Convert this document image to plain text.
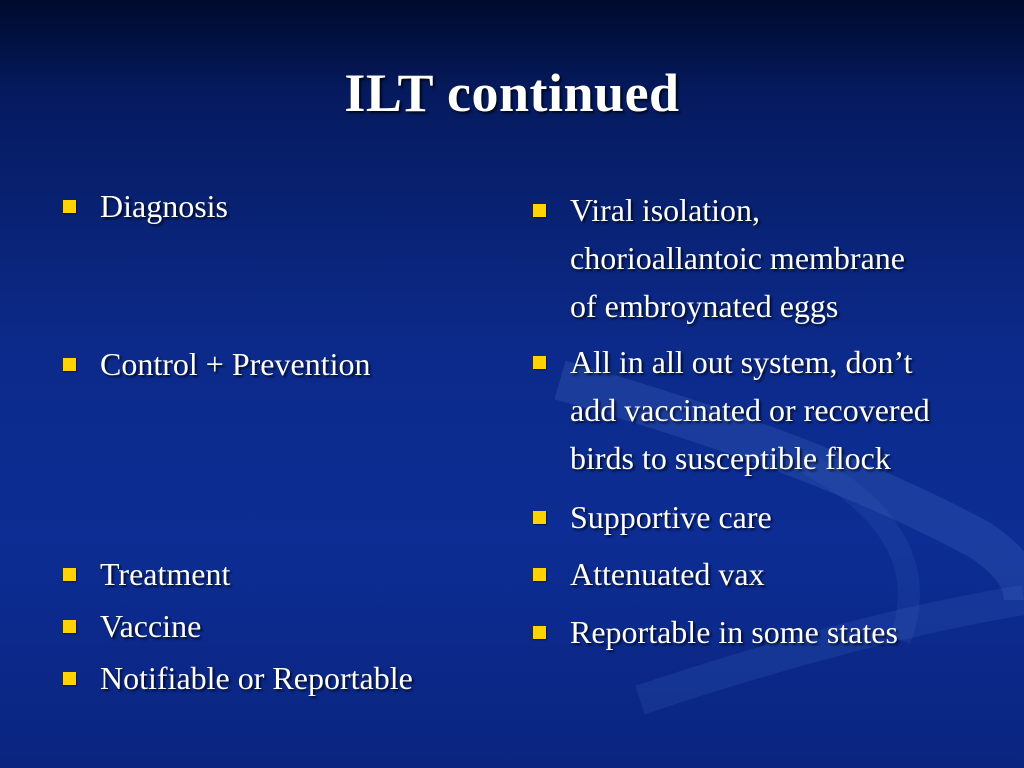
ILT continued
Diagnosis
Control + Prevention
Treatment
Vaccine
Notifiable or Reportable
Viral isolation,
chorioallantoic membrane
of embroynated eggs
All in all out system, don’t
add vaccinated or recovered
birds to susceptible flock
Supportive care
Attenuated vax
Reportable in some states
